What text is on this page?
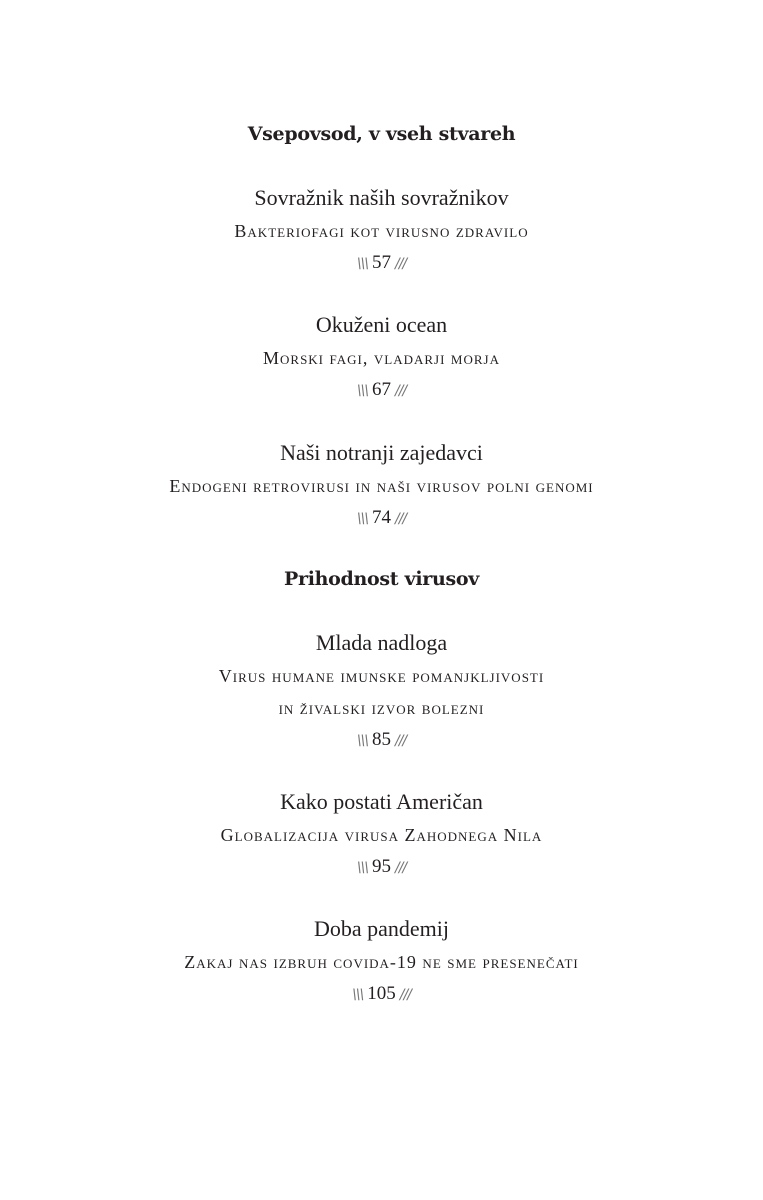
Vsepovsod, v vseh stvareh

Sovražnik naših sovražnikov

Bakteriofagi kot virusno zdravilo

\\\ 57 ///

Okuženi ocean

Morski fagi, vladarji morja

\\\ 67 ///

Naši notranji zajedavci

Endogeni retrovirusi in naši virusov polni genomi

\\\ 74 ///

Prihodnost virusov

Mlada nadloga

Virus humane imunske pomanjkljivosti

in živalski izvor bolezni

\\\ 85 ///

Kako postati Američan

Globalizacija virusa Zahodnega Nila

\\\ 95 ///

Doba pandemij

Zakaj nas izbruh covida-19 ne sme presenečati

\\\ 105 ///
